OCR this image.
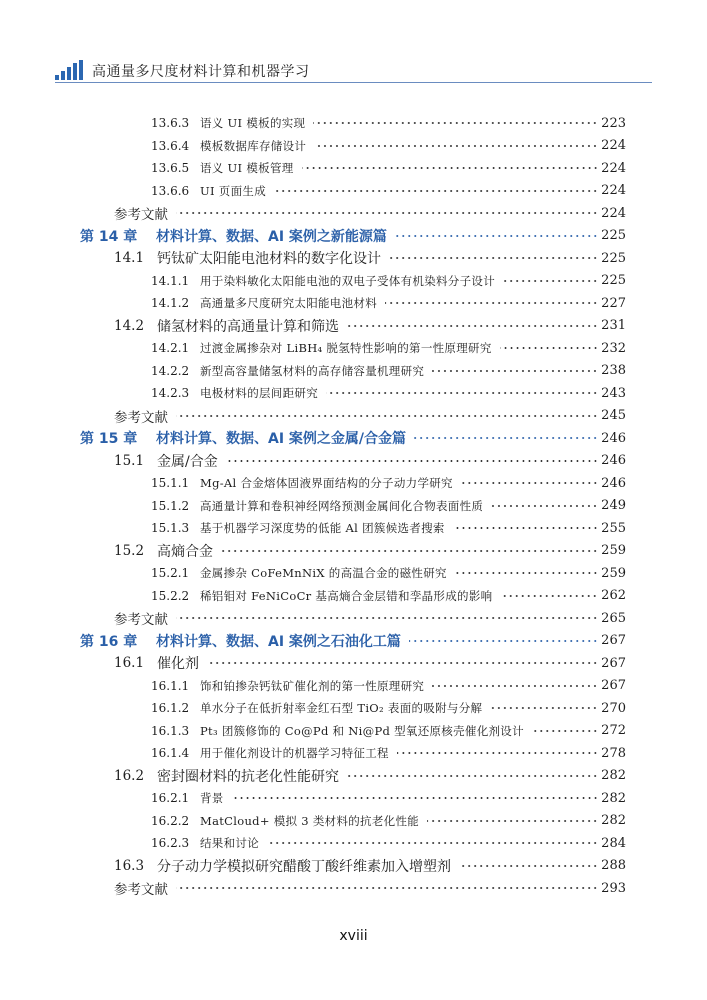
高通量多尺度材料计算和机器学习
13.6.3 语义 UI 模板的实现	223
13.6.4 模板数据库存储设计	224
13.6.5 语义 UI 模板管理	224
13.6.6 UI 页面生成	224
参考文献	224
第 14 章 材料计算、数据、AI 案例之新能源篇	225
14.1 钙钛矿太阳能电池材料的数字化设计	225
14.1.1 用于染料敏化太阳能电池的双电子受体有机染料分子设计	225
14.1.2 高通量多尺度研究太阳能电池材料	227
14.2 储氢材料的高通量计算和筛选	231
14.2.1 过渡金属掺杂对 LiBH₄ 脱氢特性影响的第一性原理研究	232
14.2.2 新型高容量储氢材料的高存储容量机理研究	238
14.2.3 电极材料的层间距研究	243
参考文献	245
第 15 章 材料计算、数据、AI 案例之金属/合金篇	246
15.1 金属/合金	246
15.1.1 Mg-Al 合金熔体固液界面结构的分子动力学研究	246
15.1.2 高通量计算和卷积神经网络预测金属间化合物表面性质	249
15.1.3 基于机器学习深度势的低能 Al 团簇候选者搜索	255
15.2 高熵合金	259
15.2.1 金属掺杂 CoFeMnNiX 的高温合金的磁性研究	259
15.2.2 稀铝钼对 FeNiCoCr 基高熵合金层错和孪晶形成的影响	262
参考文献	265
第 16 章 材料计算、数据、AI 案例之石油化工篇	267
16.1 催化剂	267
16.1.1 饰和铂掺杂钙钛矿催化剂的第一性原理研究	267
16.1.2 单水分子在低折射率金红石型 TiO₂ 表面的吸附与分解	270
16.1.3 Pt₃ 团簇修饰的 Co@Pd 和 Ni@Pd 型氧还原核壳催化剂设计	272
16.1.4 用于催化剂设计的机器学习特征工程	278
16.2 密封圈材料的抗老化性能研究	282
16.2.1 背景	282
16.2.2 MatCloud+ 模拟 3 类材料的抗老化性能	282
16.2.3 结果和讨论	284
16.3 分子动力学模拟研究醋酸丁酸纤维素加入增塑剂	288
参考文献	293
xviii
